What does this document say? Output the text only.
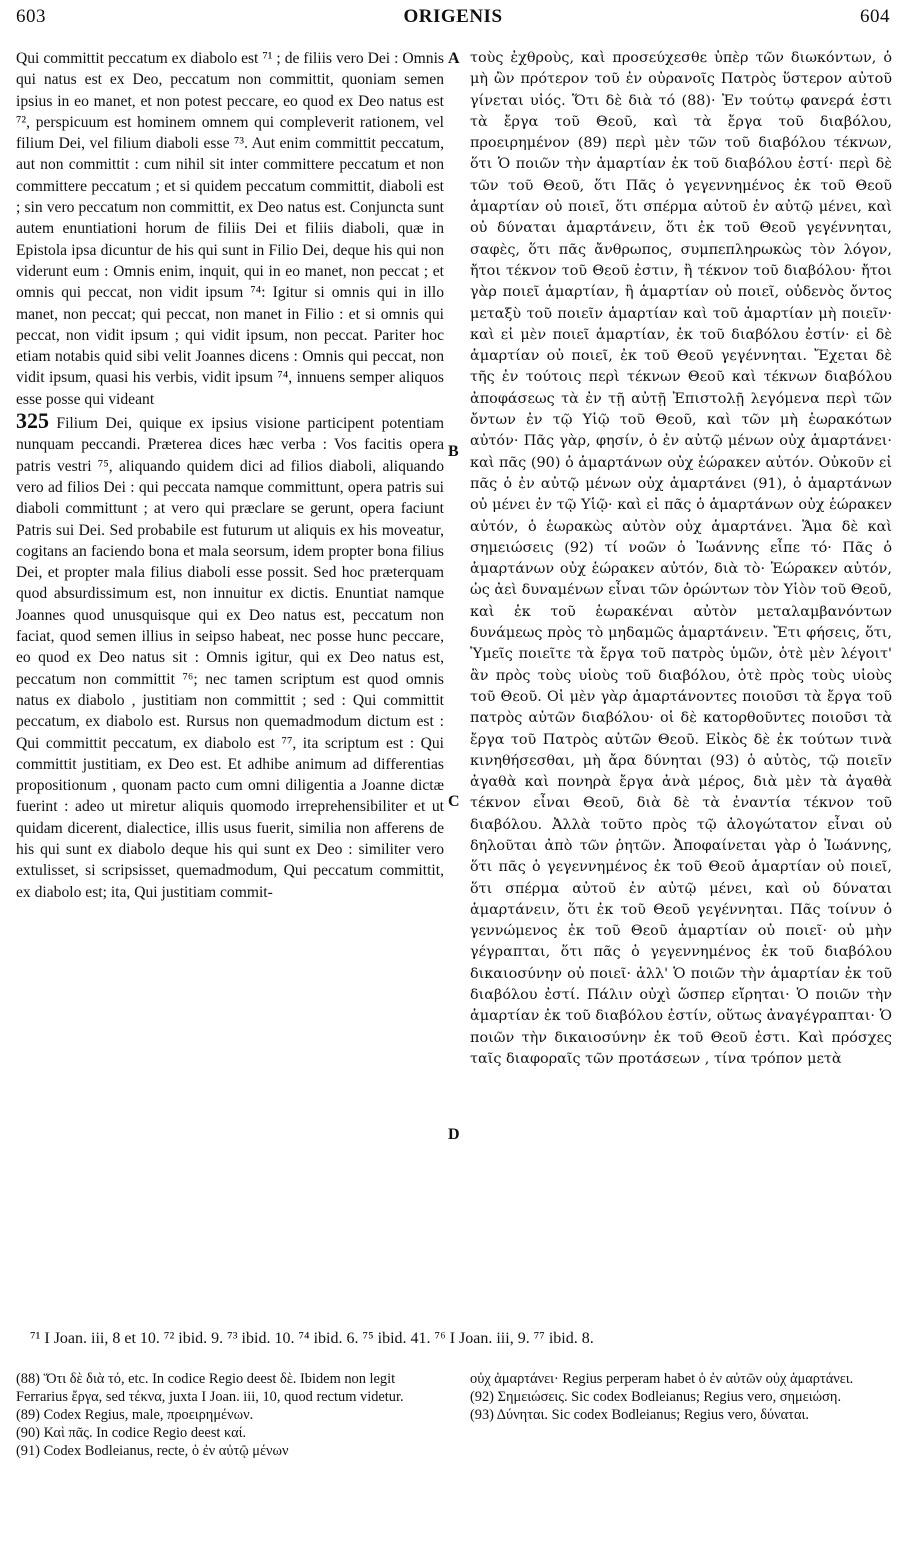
603	ORIGENIS	604

Qui committit peccatum ex diabolo est ⁷¹ ; de filiis vero Dei : Omnis qui natus est ex Deo, peccatum non committit, quoniam semen ipsius in eo manet, et non potest peccare, eo quod ex Deo natus est ⁷², perspicuum est hominem omnem qui compleverit rationem, vel filium Dei, vel filium diaboli esse ⁷³. Aut enim committit peccatum, aut non committit : cum nihil sit inter committere peccatum et non committere peccatum ; et si quidem peccatum committit, diaboli est ; sin vero peccatum non committit, ex Deo natus est. Conjuncta sunt autem enuntiationi horum de filiis Dei et filiis diaboli, quæ in Epistola ipsa dicuntur de his qui sunt in Filio Dei, deque his qui non viderunt eum : Omnis enim, inquit, qui in eo manet, non peccat ; et omnis qui peccat, non vidit ipsum ⁷⁴: Igitur si omnis qui in illo manet, non peccat; qui peccat, non manet in Filio : et si omnis qui peccat, non vidit ipsum ; qui vidit ipsum, non peccat. Pariter hoc etiam notabis quid sibi velit Joannes dicens : Omnis qui peccat, non vidit ipsum, quasi his verbis, vidit ipsum ⁷⁴, innuens semper aliquos esse posse qui videant

325 Filium Dei, quique ex ipsius visione participent potentiam nunquam peccandi. Præterea dices hæc verba : Vos facitis opera patris vestri ⁷⁵, aliquando quidem dici ad filios diaboli, aliquando vero ad filios Dei : qui peccata namque committunt, opera patris sui diaboli committunt ; at vero qui præclare se gerunt, opera faciunt Patris sui Dei. Sed probabile est futurum ut aliquis ex his moveatur, cogitans an faciendo bona et mala seorsum, idem propter bona filius Dei, et propter mala filius diaboli esse possit. Sed hoc præterquam quod absurdissimum est, non innuitur ex dictis. Enuntiat namque Joannes quod unusquisque qui ex Deo natus est, peccatum non faciat, quod semen illius in seipso habeat, nec posse hunc peccare, eo quod ex Deo natus sit : Omnis igitur, qui ex Deo natus est, peccatum non committit ⁷⁶; nec tamen scriptum est quod omnis natus ex diabolo , justitiam non committit ; sed : Qui committit peccatum, ex diabolo est. Rursus non quemadmodum dictum est : Qui committit peccatum, ex diabolo est ⁷⁷, ita scriptum est : Qui committit justitiam, ex Deo est. Et adhibe animum ad differentias propositionum , quonam pacto cum omni diligentia a Joanne dictæ fuerint : adeo ut miretur aliquis quomodo irreprehensibiliter et ut quidam dicerent, dialectice, illis usus fuerit, similia non afferens de his qui sunt ex diabolo deque his qui sunt ex Deo : similiter vero extulisset, si scripsisset, quemadmodum, Qui peccatum committit, ex diabolo est; ita, Qui justitiam commit-

A
B
C
D

τοὺς ἐχθροὺς, καὶ προσεύχεσθε ὑπὲρ τῶν διωκόντων, ὁ μὴ ὢν πρότερον τοῦ ἐν οὐρανοῖς Πατρὸς ὕστερον αὐτοῦ γίνεται υἱός. Ὅτι δὲ διὰ τό (88)· Ἐν τούτῳ φανερά ἐστι τὰ ἔργα τοῦ Θεοῦ, καὶ τὰ ἔργα τοῦ διαβόλου, προειρημένον (89) περὶ μὲν τῶν τοῦ διαβόλου τέκνων, ὅτι Ὁ ποιῶν τὴν ἁμαρτίαν ἐκ τοῦ διαβόλου ἐστί· περὶ δὲ τῶν τοῦ Θεοῦ, ὅτι Πᾶς ὁ γεγεννημένος ἐκ τοῦ Θεοῦ ἁμαρτίαν οὐ ποιεῖ, ὅτι σπέρμα αὐτοῦ ἐν αὐτῷ μένει, καὶ οὐ δύναται ἁμαρτάνειν, ὅτι ἐκ τοῦ Θεοῦ γεγέννηται, σαφὲς, ὅτι πᾶς ἄνθρωπος, συμπεπληρωκὼς τὸν λόγον, ἤτοι τέκνον τοῦ Θεοῦ ἐστιν, ἢ τέκνον τοῦ διαβόλου· ἤτοι γὰρ ποιεῖ ἁμαρτίαν, ἢ ἁμαρτίαν οὐ ποιεῖ, οὐδενὸς ὄντος μεταξὺ τοῦ ποιεῖν ἁμαρτίαν καὶ τοῦ ἁμαρτίαν μὴ ποιεῖν· καὶ εἰ μὲν ποιεῖ ἁμαρτίαν, ἐκ τοῦ διαβόλου ἐστίν· εἰ δὲ ἁμαρτίαν οὐ ποιεῖ, ἐκ τοῦ Θεοῦ γεγέννηται. Ἔχεται δὲ τῆς ἐν τούτοις περὶ τέκνων Θεοῦ καὶ τέκνων διαβόλου ἀποφάσεως τὰ ἐν τῇ αὐτῇ Ἐπιστολῇ λεγόμενα περὶ τῶν ὄντων ἐν τῷ Υἱῷ τοῦ Θεοῦ, καὶ τῶν μὴ ἑωρακότων αὐτόν· Πᾶς γὰρ, φησίν, ὁ ἐν αὐτῷ μένων οὐχ ἁμαρτάνει· καὶ πᾶς (90) ὁ ἁμαρτάνων οὐχ ἑώρακεν αὐτόν. Οὐκοῦν εἰ πᾶς ὁ ἐν αὐτῷ μένων οὐχ ἁμαρτάνει (91), ὁ ἁμαρτάνων οὐ μένει ἐν τῷ Υἱῷ· καὶ εἰ πᾶς ὁ ἁμαρτάνων οὐχ ἑώρακεν αὐτόν, ὁ ἑωρακὼς αὐτὸν οὐχ ἁμαρτάνει. Ἅμα δὲ καὶ σημειώσεις (92) τί νοῶν ὁ Ἰωάννης εἶπε τό· Πᾶς ὁ ἁμαρτάνων οὐχ ἑώρακεν αὐτόν, διὰ τὸ· Ἑώρακεν αὐτόν, ὡς ἀεὶ δυναμένων εἶναι τῶν ὁρώντων τὸν Υἱὸν τοῦ Θεοῦ, καὶ ἐκ τοῦ ἑωρακέναι αὐτὸν μεταλαμβανόντων δυνάμεως πρὸς τὸ μηδαμῶς ἁμαρτάνειν. Ἔτι φήσεις, ὅτι, Ὑμεῖς ποιεῖτε τὰ ἔργα τοῦ πατρὸς ὑμῶν, ὁτὲ μὲν λέγοιτ' ἂν πρὸς τοὺς υἱοὺς τοῦ διαβόλου, ὁτὲ πρὸς τοὺς υἱοὺς τοῦ Θεοῦ. Οἱ μὲν γὰρ ἁμαρτάνοντες ποιοῦσι τὰ ἔργα τοῦ πατρὸς αὐτῶν διαβόλου· οἱ δὲ κατορθοῦντες ποιοῦσι τὰ ἔργα τοῦ Πατρὸς αὐτῶν Θεοῦ. Εἰκὸς δὲ ἐκ τούτων τινὰ κινηθήσεσθαι, μὴ ἄρα δύνηται (93) ὁ αὐτὸς, τῷ ποιεῖν ἀγαθὰ καὶ πονηρὰ ἔργα ἀνὰ μέρος, διὰ μὲν τὰ ἀγαθὰ τέκνον εἶναι Θεοῦ, διὰ δὲ τὰ ἐναντία τέκνον τοῦ διαβόλου. Ἀλλὰ τοῦτο πρὸς τῷ ἀλογώτατον εἶναι οὐ δηλοῦται ἀπὸ τῶν ῥητῶν. Ἀποφαίνεται γὰρ ὁ Ἰωάννης, ὅτι πᾶς ὁ γεγεννημένος ἐκ τοῦ Θεοῦ ἁμαρτίαν οὐ ποιεῖ, ὅτι σπέρμα αὐτοῦ ἐν αὐτῷ μένει, καὶ οὐ δύναται ἁμαρτάνειν, ὅτι ἐκ τοῦ Θεοῦ γεγέννηται. Πᾶς τοίνυν ὁ γεννώμενος ἐκ τοῦ Θεοῦ ἁμαρτίαν οὐ ποιεῖ· οὐ μὴν γέγραπται, ὅτι πᾶς ὁ γεγεννημένος ἐκ τοῦ διαβόλου δικαιοσύνην οὐ ποιεῖ· ἀλλ' Ὁ ποιῶν τὴν ἁμαρτίαν ἐκ τοῦ διαβόλου ἐστί. Πάλιν οὐχὶ ὥσπερ εἴρηται· Ὁ ποιῶν τὴν ἁμαρτίαν ἐκ τοῦ διαβόλου ἐστίν, οὕτως ἀναγέγραπται· Ὁ ποιῶν τὴν δικαιοσύνην ἐκ τοῦ Θεοῦ ἐστι. Καὶ πρόσχες ταῖς διαφοραῖς τῶν προτάσεων , τίνα τρόπον μετὰ

⁷¹ I Joan. iii, 8 et 10. ⁷² ibid. 9. ⁷³ ibid. 10. ⁷⁴ ibid. 6. ⁷⁵ ibid. 41. ⁷⁶ I Joan. iii, 9. ⁷⁷ ibid. 8.

(88) Ὅτι δὲ διὰ τό, etc. In codice Regio deest δὲ. Ibidem non legit Ferrarius ἔργα, sed τέκνα, juxta I Joan. iii, 10, quod rectum videtur.

(89) Codex Regius, male, προειρημένων.

(90) Καὶ πᾶς. In codice Regio deest καί.

(91) Codex Bodleianus, recte, ὁ ἐν αὐτῷ μένων

οὐχ ἁμαρτάνει· Regius perperam habet ὁ ἐν αὐτῶν οὐχ ἁμαρτάνει.

(92) Σημειώσεις. Sic codex Bodleianus; Regius vero, σημειώση.

(93) Δύνηται. Sic codex Bodleianus; Regius vero, δύναται.
